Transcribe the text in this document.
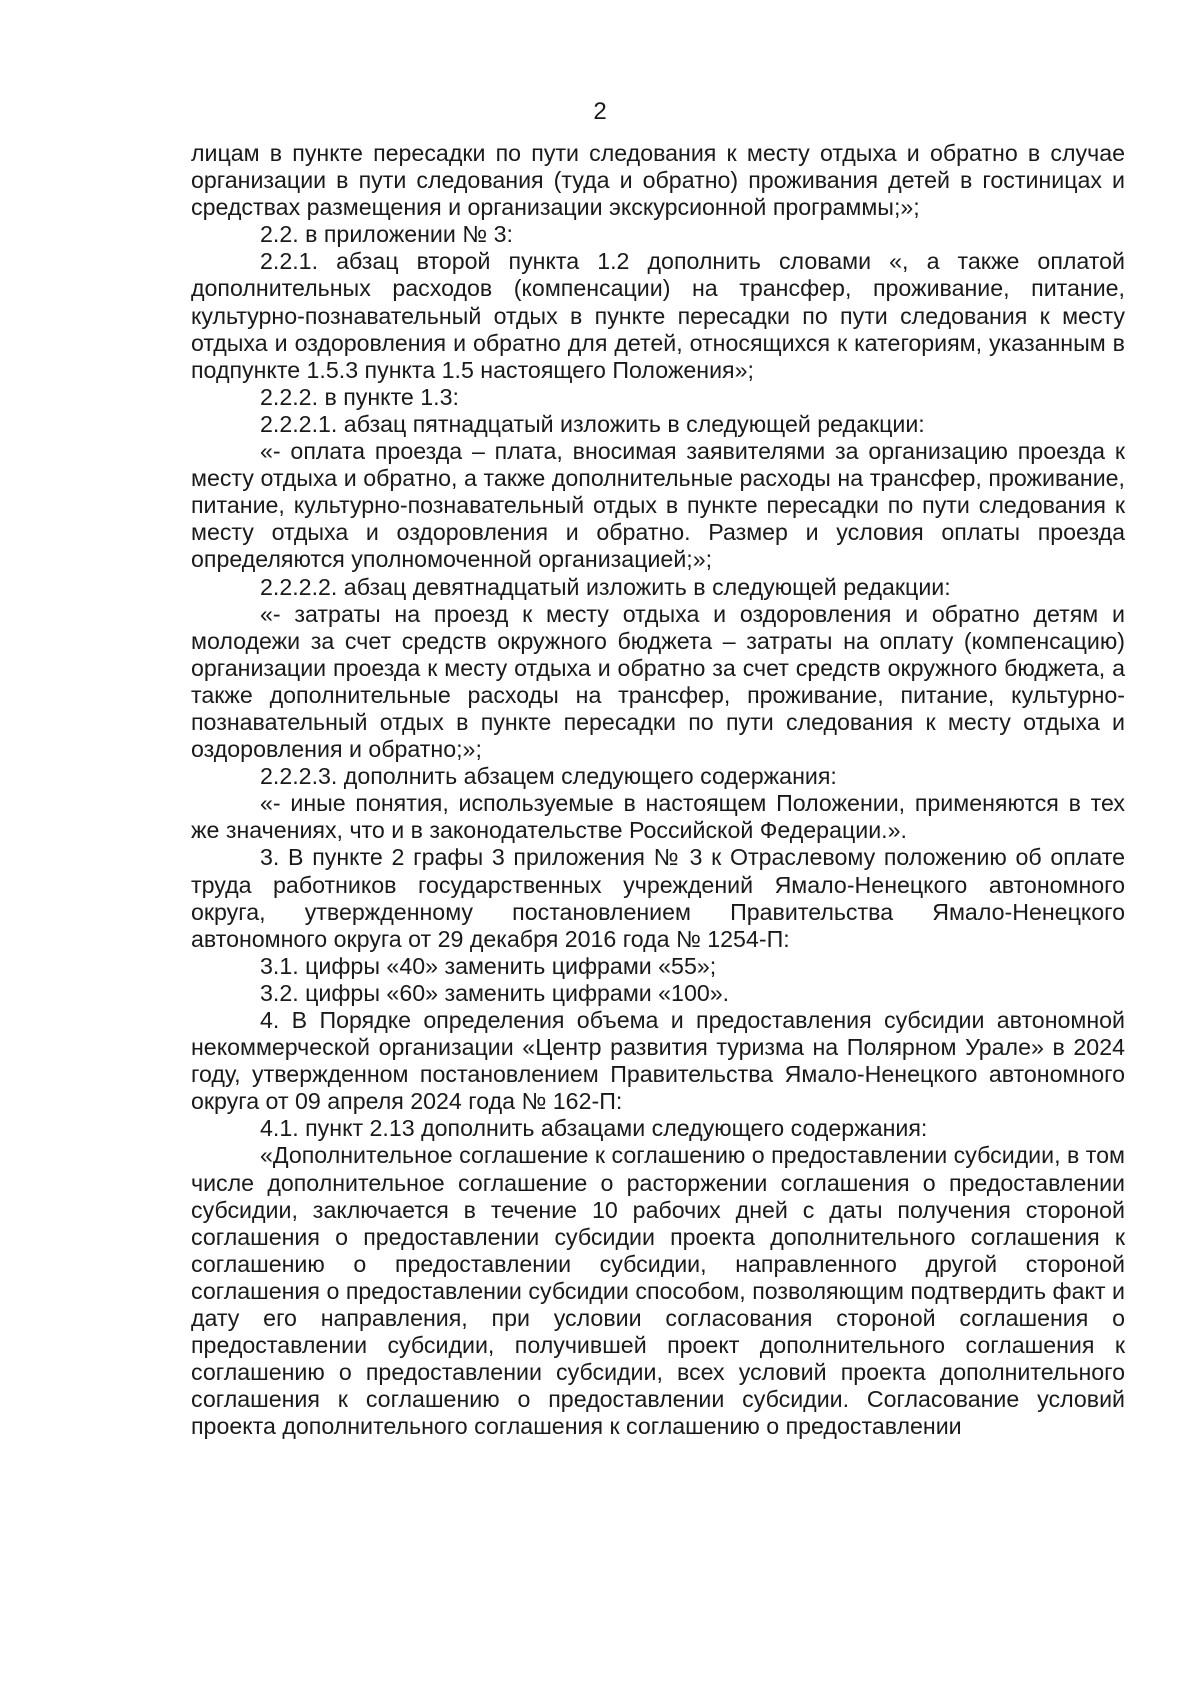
2

лицам в пункте пересадки по пути следования к месту отдыха и обратно в случае организации в пути следования (туда и обратно) проживания детей в гостиницах и средствах размещения и организации экскурсионной программы;»;

2.2. в приложении № 3:

2.2.1. абзац второй пункта 1.2 дополнить словами «, а также оплатой дополнительных расходов (компенсации) на трансфер, проживание, питание, культурно-познавательный отдых в пункте пересадки по пути следования к месту отдыха и оздоровления и обратно для детей, относящихся к категориям, указанным в подпункте 1.5.3 пункта 1.5 настоящего Положения»;

2.2.2. в пункте 1.3:

2.2.2.1. абзац пятнадцатый изложить в следующей редакции:

«- оплата проезда – плата, вносимая заявителями за организацию проезда к месту отдыха и обратно, а также дополнительные расходы на трансфер, проживание, питание, культурно-познавательный отдых в пункте пересадки по пути следования к месту отдыха и оздоровления и обратно. Размер и условия оплаты проезда определяются уполномоченной организацией;»;

2.2.2.2. абзац девятнадцатый изложить в следующей редакции:

«- затраты на проезд к месту отдыха и оздоровления и обратно детям и молодежи за счет средств окружного бюджета – затраты на оплату (компенсацию) организации проезда к месту отдыха и обратно за счет средств окружного бюджета, а также дополнительные расходы на трансфер, проживание, питание, культурно-познавательный отдых в пункте пересадки по пути следования к месту отдыха и оздоровления и обратно;»;

2.2.2.3. дополнить абзацем следующего содержания:

«- иные понятия, используемые в настоящем Положении, применяются в тех же значениях, что и в законодательстве Российской Федерации.».

3. В пункте 2 графы 3 приложения № 3 к Отраслевому положению об оплате труда работников государственных учреждений Ямало-Ненецкого автономного округа, утвержденному постановлением Правительства Ямало-Ненецкого автономного округа от 29 декабря 2016 года № 1254-П:

3.1. цифры «40» заменить цифрами «55»;

3.2. цифры «60» заменить цифрами «100».

4. В Порядке определения объема и предоставления субсидии автономной некоммерческой организации «Центр развития туризма на Полярном Урале» в 2024 году, утвержденном постановлением Правительства Ямало-Ненецкого автономного округа от 09 апреля 2024 года № 162-П:

4.1. пункт 2.13 дополнить абзацами следующего содержания:

«Дополнительное соглашение к соглашению о предоставлении субсидии, в том числе дополнительное соглашение о расторжении соглашения о предоставлении субсидии, заключается в течение 10 рабочих дней с даты получения стороной соглашения о предоставлении субсидии проекта дополнительного соглашения к соглашению о предоставлении субсидии, направленного другой стороной соглашения о предоставлении субсидии способом, позволяющим подтвердить факт и дату его направления, при условии согласования стороной соглашения о предоставлении субсидии, получившей проект дополнительного соглашения к соглашению о предоставлении субсидии, всех условий проекта дополнительного соглашения к соглашению о предоставлении субсидии. Согласование условий проекта дополнительного соглашения к соглашению о предоставлении
